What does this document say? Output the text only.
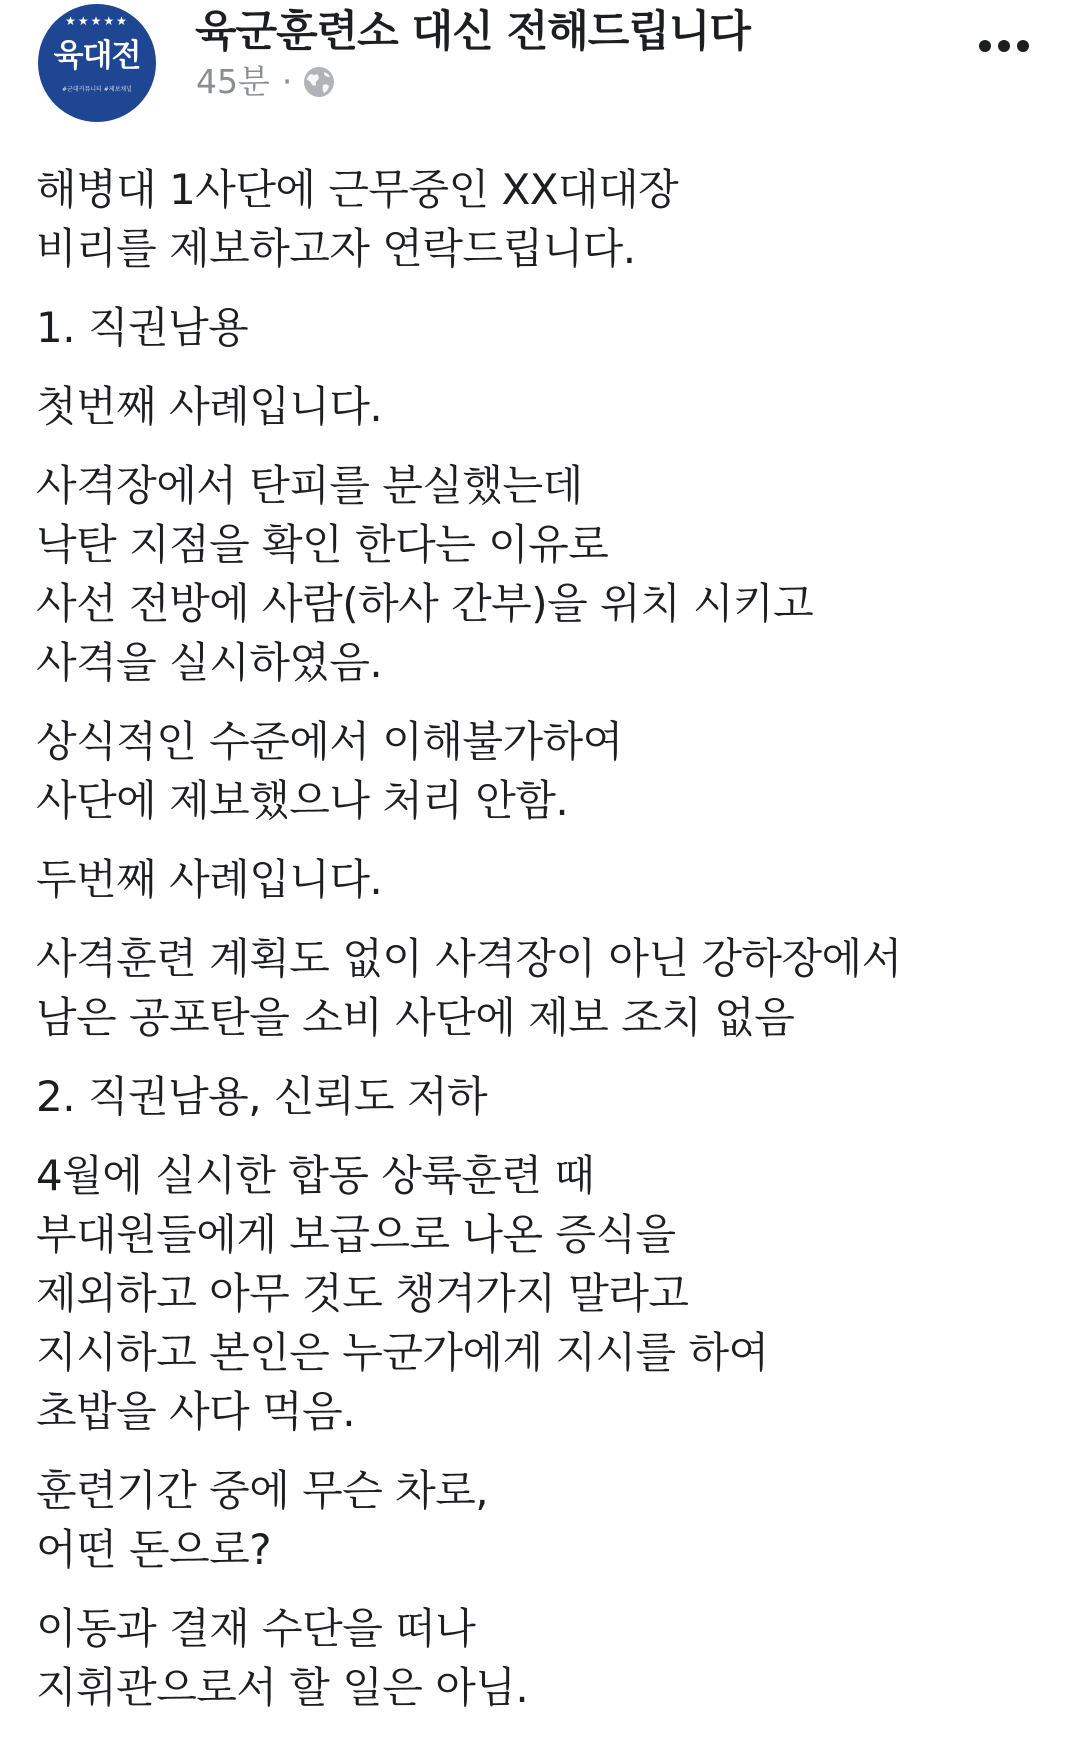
★★★★★
육대전
#군대커뮤니티 #제보채널
육군훈련소 대신 전해드립니다
45분 ·
해병대 1사단에 근무중인 XX대대장
비리를 제보하고자 연락드립니다.
1. 직권남용
첫번째 사례입니다.
사격장에서 탄피를 분실했는데
낙탄 지점을 확인 한다는 이유로
사선 전방에 사람(하사 간부)을 위치 시키고
사격을 실시하였음.
상식적인 수준에서 이해불가하여
사단에 제보했으나 처리 안함.
두번째 사례입니다.
사격훈련 계획도 없이 사격장이 아닌 강하장에서
남은 공포탄을 소비 사단에 제보 조치 없음
2. 직권남용, 신뢰도 저하
4월에 실시한 합동 상륙훈련 때
부대원들에게 보급으로 나온 증식을
제외하고 아무 것도 챙겨가지 말라고
지시하고 본인은 누군가에게 지시를 하여
초밥을 사다 먹음.
훈련기간 중에 무슨 차로,
어떤 돈으로?
이동과 결재 수단을 떠나
지휘관으로서 할 일은 아님.
